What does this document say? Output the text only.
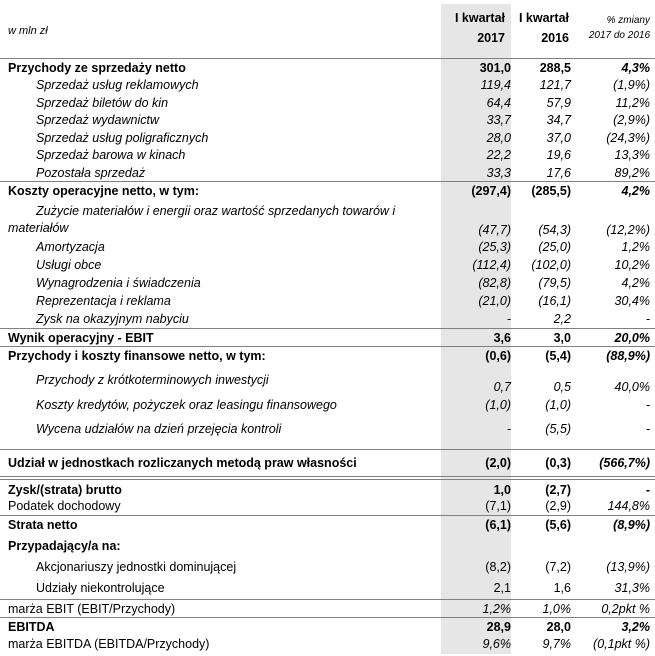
w mln zł
I kwartał
2017
I kwartał
2016
% zmiany
2017 do 2016
Przychody ze sprzedaży netto	301,0 288,5	4,3%
Sprzedaż usług reklamowych	119,4 121,7	(1,9%)
Sprzedaż biletów do kin	64,4	57,9	11,2%
Sprzedaż wydawnictw	33,7	34,7	(2,9%)
Sprzedaż usług poligraficznych	28,0	37,0	(24,3%)
Sprzedaż barowa w kinach	22,2	19,6	13,3%
Pozostała sprzedaż	33,3	17,6	89,2%
Koszty operacyjne netto, w tym:	(297,4) (285,5)	4,2%
Zużycie materiałów i energii oraz wartość sprzedanych towarów i
materiałów	(47,7) (54,3)	(12,2%)
Amortyzacja	(25,3) (25,0)	1,2%
Usługi obce	(112,4) (102,0)	10,2%
Wynagrodzenia i świadczenia	(82,8) (79,5)	4,2%
Reprezentacja i reklama	(21,0) (16,1)	30,4%
Zysk na okazyjnym nabyciu	-	2,2	-
Wynik operacyjny - EBIT	3,6	3,0	20,0%
Przychody i koszty finansowe netto, w tym:	(0,6)	(5,4)	(88,9%)
Przychody z krótkoterminowych inwestycji	0,7	0,5	40,0%
Koszty kredytów, pożyczek oraz leasingu finansowego	(1,0)	(1,0)	-
Wycena udziałów na dzień przejęcia kontroli	-	(5,5)	-
Udział w jednostkach rozliczanych metodą praw własności	(2,0)	(0,3) (566,7%)
Zysk/(strata) brutto	1,0	(2,7)	-
Podatek dochodowy	(7,1)	(2,9)	144,8%
Strata netto	(6,1)	(5,6)	(8,9%)
Przypadający/a na:
Akcjonariuszy jednostki dominującej	(8,2)	(7,2)	(13,9%)
Udziały niekontrolujące	2,1	1,6	31,3%
marża EBIT (EBIT/Przychody)	1,2%	1,0% 0,2pkt %
EBITDA	28,9	28,0	3,2%
marża EBITDA (EBITDA/Przychody)	9,6%	9,7% (0,1pkt %)
